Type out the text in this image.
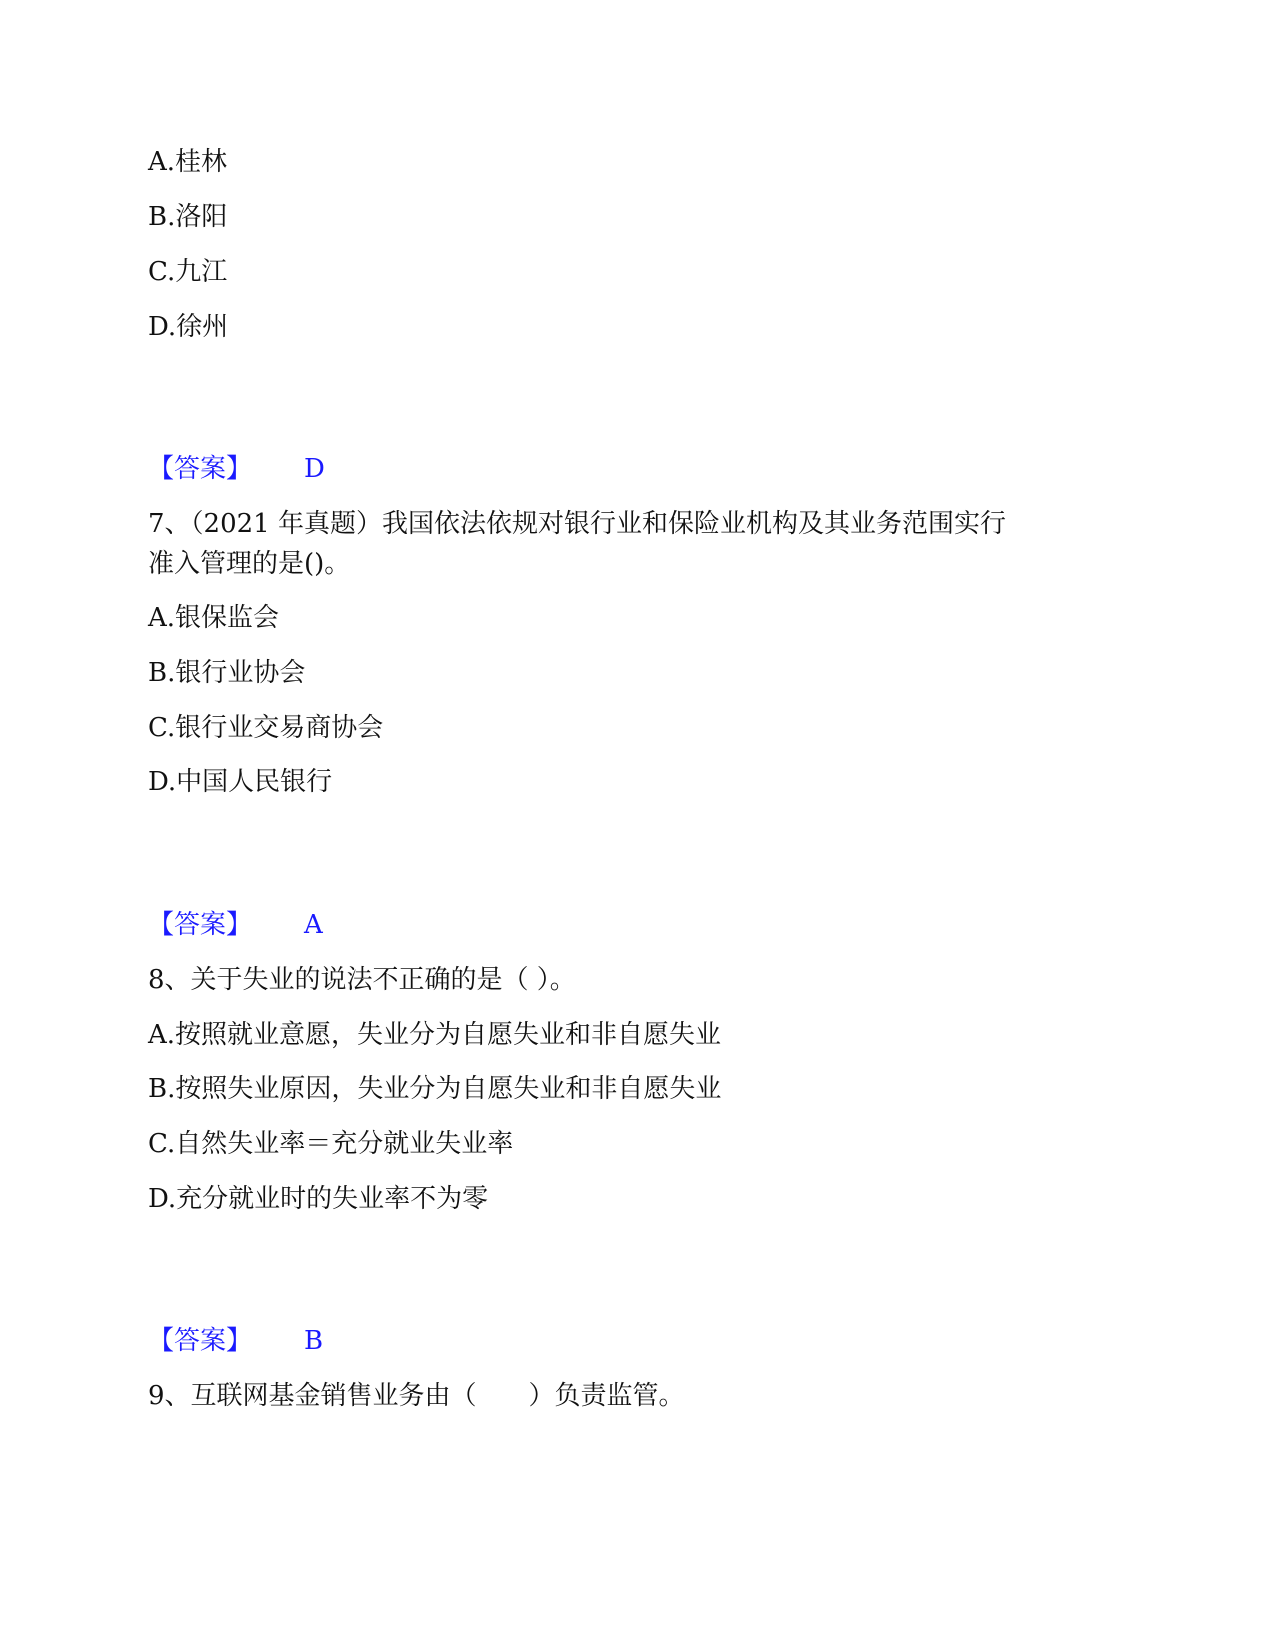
A.桂林
B.洛阳
C.九江
D.徐州
【答案】 D
7、（2021 年真题）我国依法依规对银行业和保险业机构及其业务范围实行
准入管理的是()。
A.银保监会
B.银行业协会
C.银行业交易商协会
D.中国人民银行
【答案】 A
8、关于失业的说法不正确的是（ ）。
A.按照就业意愿，失业分为自愿失业和非自愿失业
B.按照失业原因，失业分为自愿失业和非自愿失业
C.自然失业率＝充分就业失业率
D.充分就业时的失业率不为零
【答案】 B
9、互联网基金销售业务由（　　）负责监管。
